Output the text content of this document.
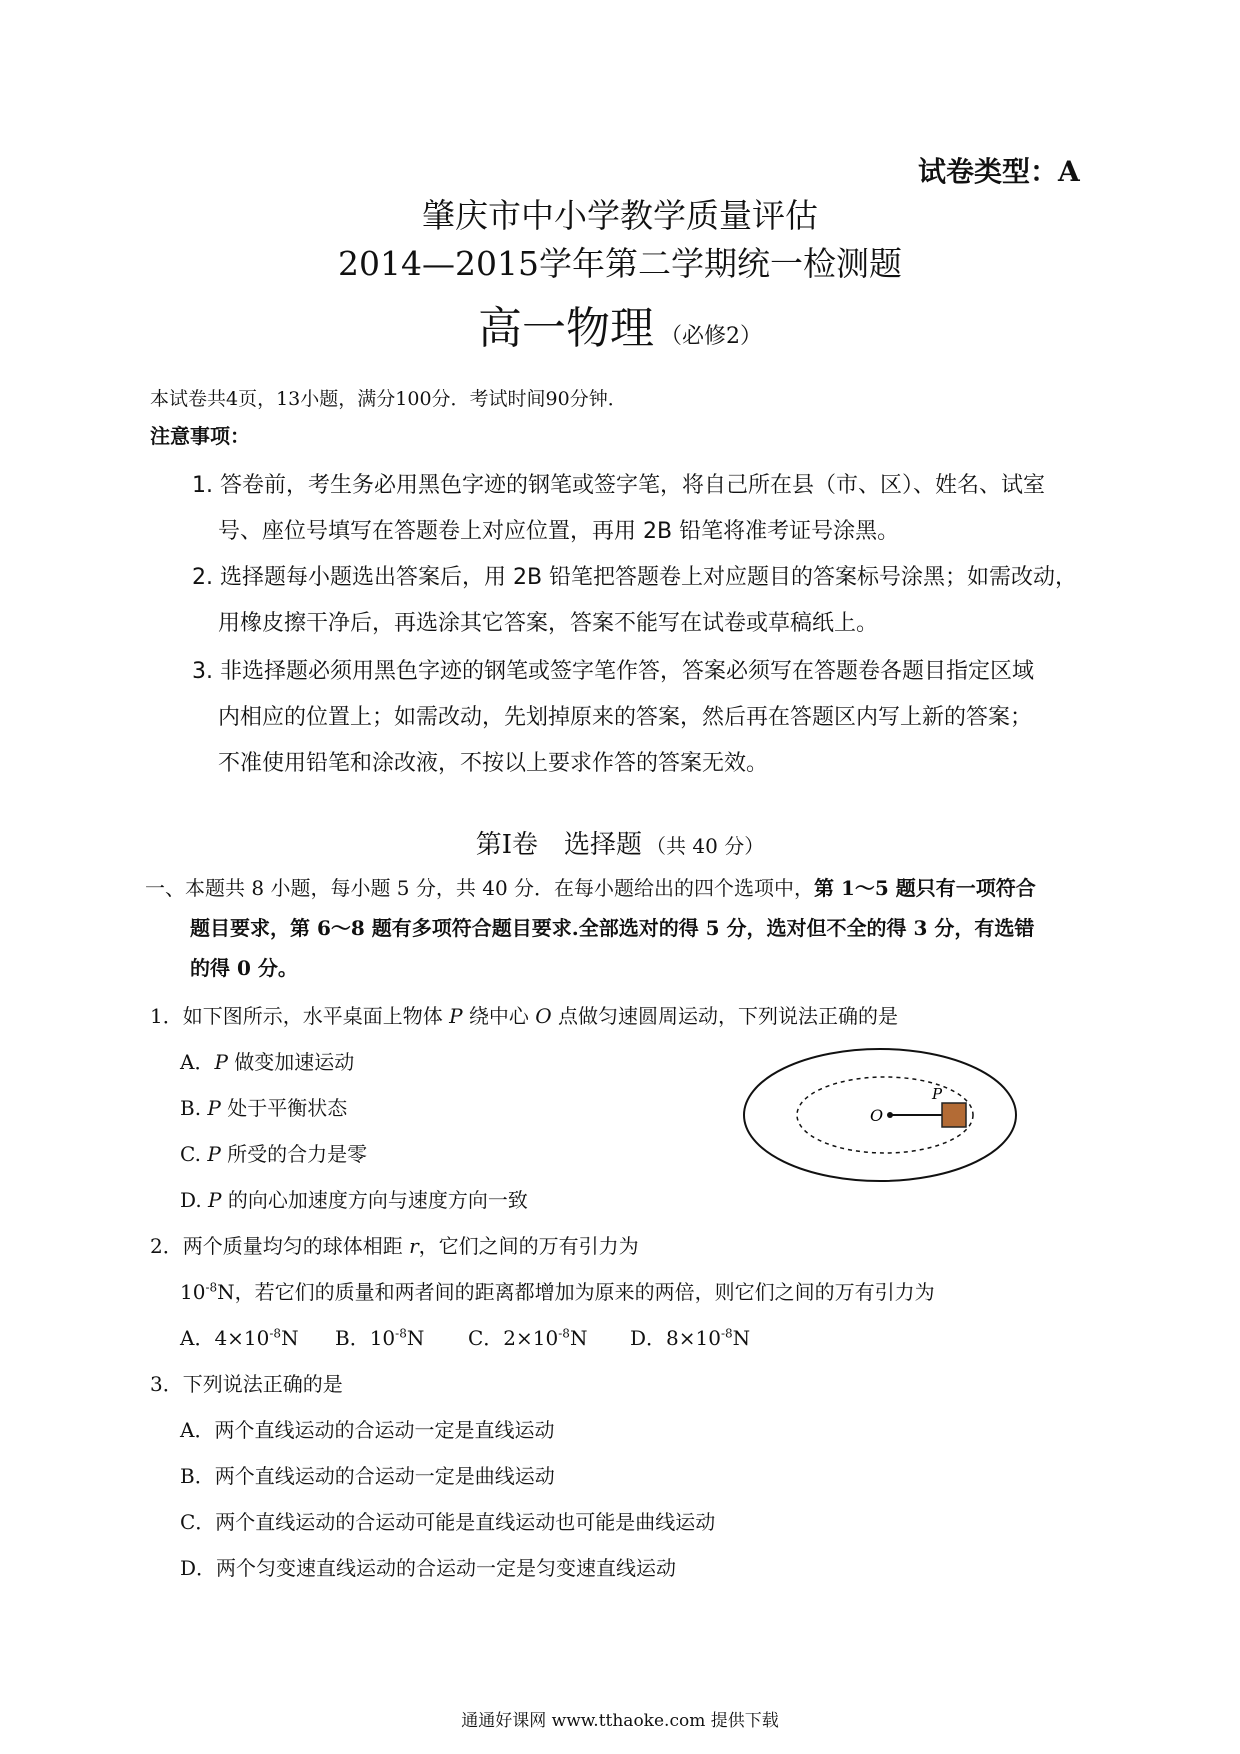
试卷类型：A
肇庆市中小学教学质量评估
2014—2015学年第二学期统一检测题
高一物理 （必修2）
本试卷共4页，13小题，满分100分．考试时间90分钟．
注意事项：
1. 答卷前，考生务必用黑色字迹的钢笔或签字笔，将自己所在县（市、区）、姓名、试室
号、座位号填写在答题卷上对应位置，再用 2B 铅笔将准考证号涂黑。
2. 选择题每小题选出答案后，用 2B 铅笔把答题卷上对应题目的答案标号涂黑；如需改动，
用橡皮擦干净后，再选涂其它答案，答案不能写在试卷或草稿纸上。
3. 非选择题必须用黑色字迹的钢笔或签字笔作答，答案必须写在答题卷各题目指定区域
内相应的位置上；如需改动，先划掉原来的答案，然后再在答题区内写上新的答案；
不准使用铅笔和涂改液，不按以上要求作答的答案无效。
第Ⅰ卷　选择题 （共 40 分）
一、本题共 8 小题，每小题 5 分，共 40 分．在每小题给出的四个选项中，第 1～5 题只有一项符合
题目要求，第 6～8 题有多项符合题目要求.全部选对的得 5 分，选对但不全的得 3 分，有选错
的得 0 分。
1．如下图所示，水平桌面上物体 P 绕中心 O 点做匀速圆周运动，下列说法正确的是
A．P 做变加速运动
B. P 处于平衡状态
C. P 所受的合力是零
D. P 的向心加速度方向与速度方向一致
O
P
2．两个质量均匀的球体相距 r，它们之间的万有引力为
$10^{-8}N$，若它们的质量和两者间的距离都增加为原来的两倍，则它们之间的万有引力为
A．$4\times 10^{-8}N$ B．$10^{-8}N$ C．$2\times 10^{-8}N$ D．$8\times 10^{-8}N$
3．下列说法正确的是
A．两个直线运动的合运动一定是直线运动
B．两个直线运动的合运动一定是曲线运动
C．两个直线运动的合运动可能是直线运动也可能是曲线运动
D．两个匀变速直线运动的合运动一定是匀变速直线运动
通通好课网 www.tthaoke.com 提供下载
